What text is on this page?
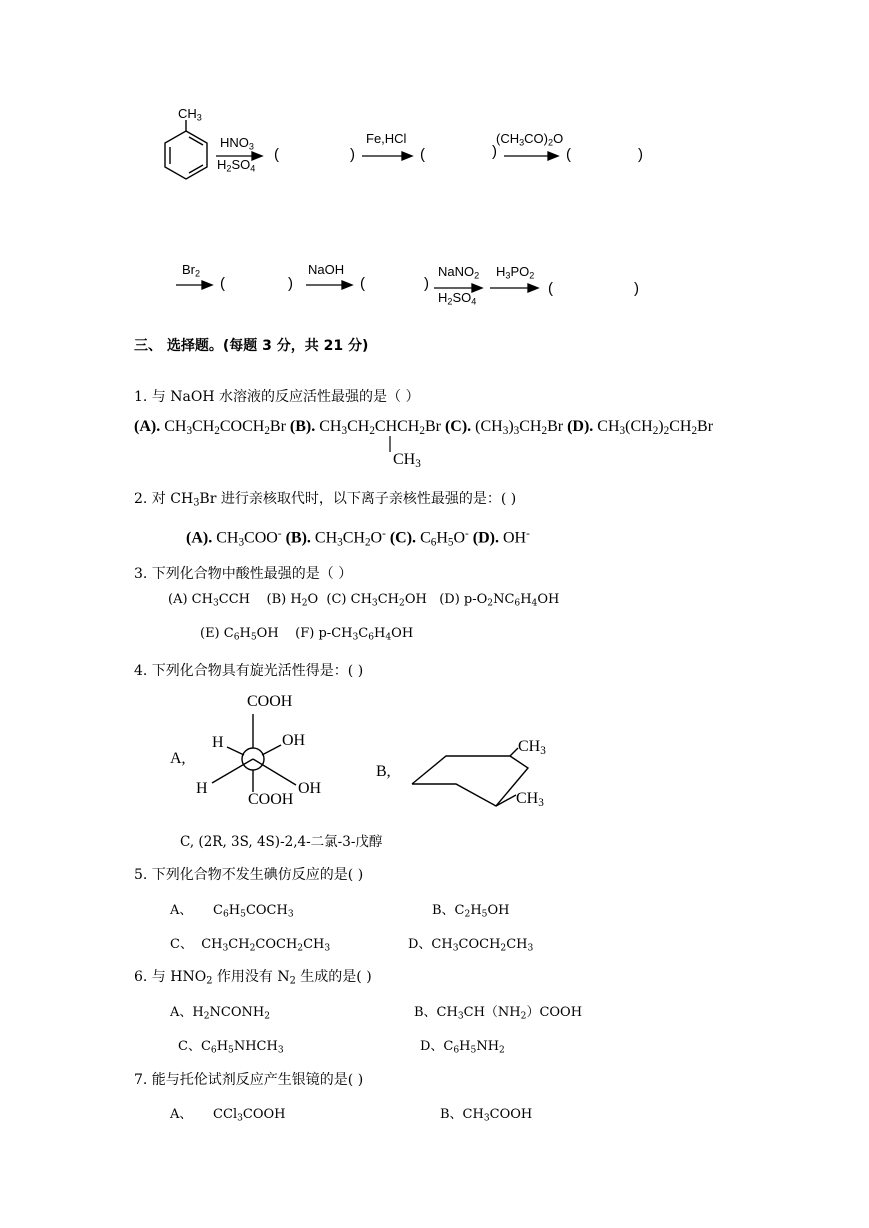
$CH_3$
$HNO_3$
$H_2SO_4$
(	)
Fe,HCl
(	)
$(CH_3CO)_2O$
(	)
$Br_2$
(	)
NaOH
(	)
NaNO$_2$
$H_2SO_4$
$H_3PO_2$
(	)
三、 选择题。(每题 3 分，共 21 分)
1. 与 NaOH 水溶液的反应活性最强的是（ ）
(A). $CH_3CH_2COCH_2Br$ (B). $CH_3CH_2CHCH_2Br$ (C). $(CH_3)_3CH_2Br$ (D). $CH_3(CH_2)_2CH_2Br$
$CH_3$
2. 对 $CH_3Br$ 进行亲核取代时，以下离子亲核性最强的是：( )
(A). $CH_3COO^-$ (B). $CH_3CH_2O^-$ (C). $C_6H_5O^-$ (D). OH-
3. 下列化合物中酸性最强的是（ ）
(A) $CH_3CCH$    (B) $H_2O$  (C) $CH_3CH_2OH$   (D) $p-O_2NC_6H_4OH$
(E) $C_6H_5OH$    (F) $p-CH_3C_6H_4OH$
4. 下列化合物具有旋光活性得是：( )
COOH
H	OH
A,
H
COOH
OH
B,
$CH_3$
$CH_3$
C, (2R, 3S, 4S)-2,4-二氯-3-戊醇
5. 下列化合物不发生碘仿反应的是( )
A、     $C_6H_5COCH_3$	B、$C_2H_5OH$
C、  $CH_3CH_2COCH_2CH_3$	D、$CH_3COCH_2CH_3$
6. 与 $HNO_2$ 作用没有 $N_2$ 生成的是( )
A、$H_2NCONH_2$	B、$CH_3CH(NH_2)COOH$
C、$C_6H_5NHCH_3$	D、$C_6H_5NH_2$
7. 能与托伦试剂反应产生银镜的是( )
A、     CCl$_3$COOH	B、$CH_3COOH$
